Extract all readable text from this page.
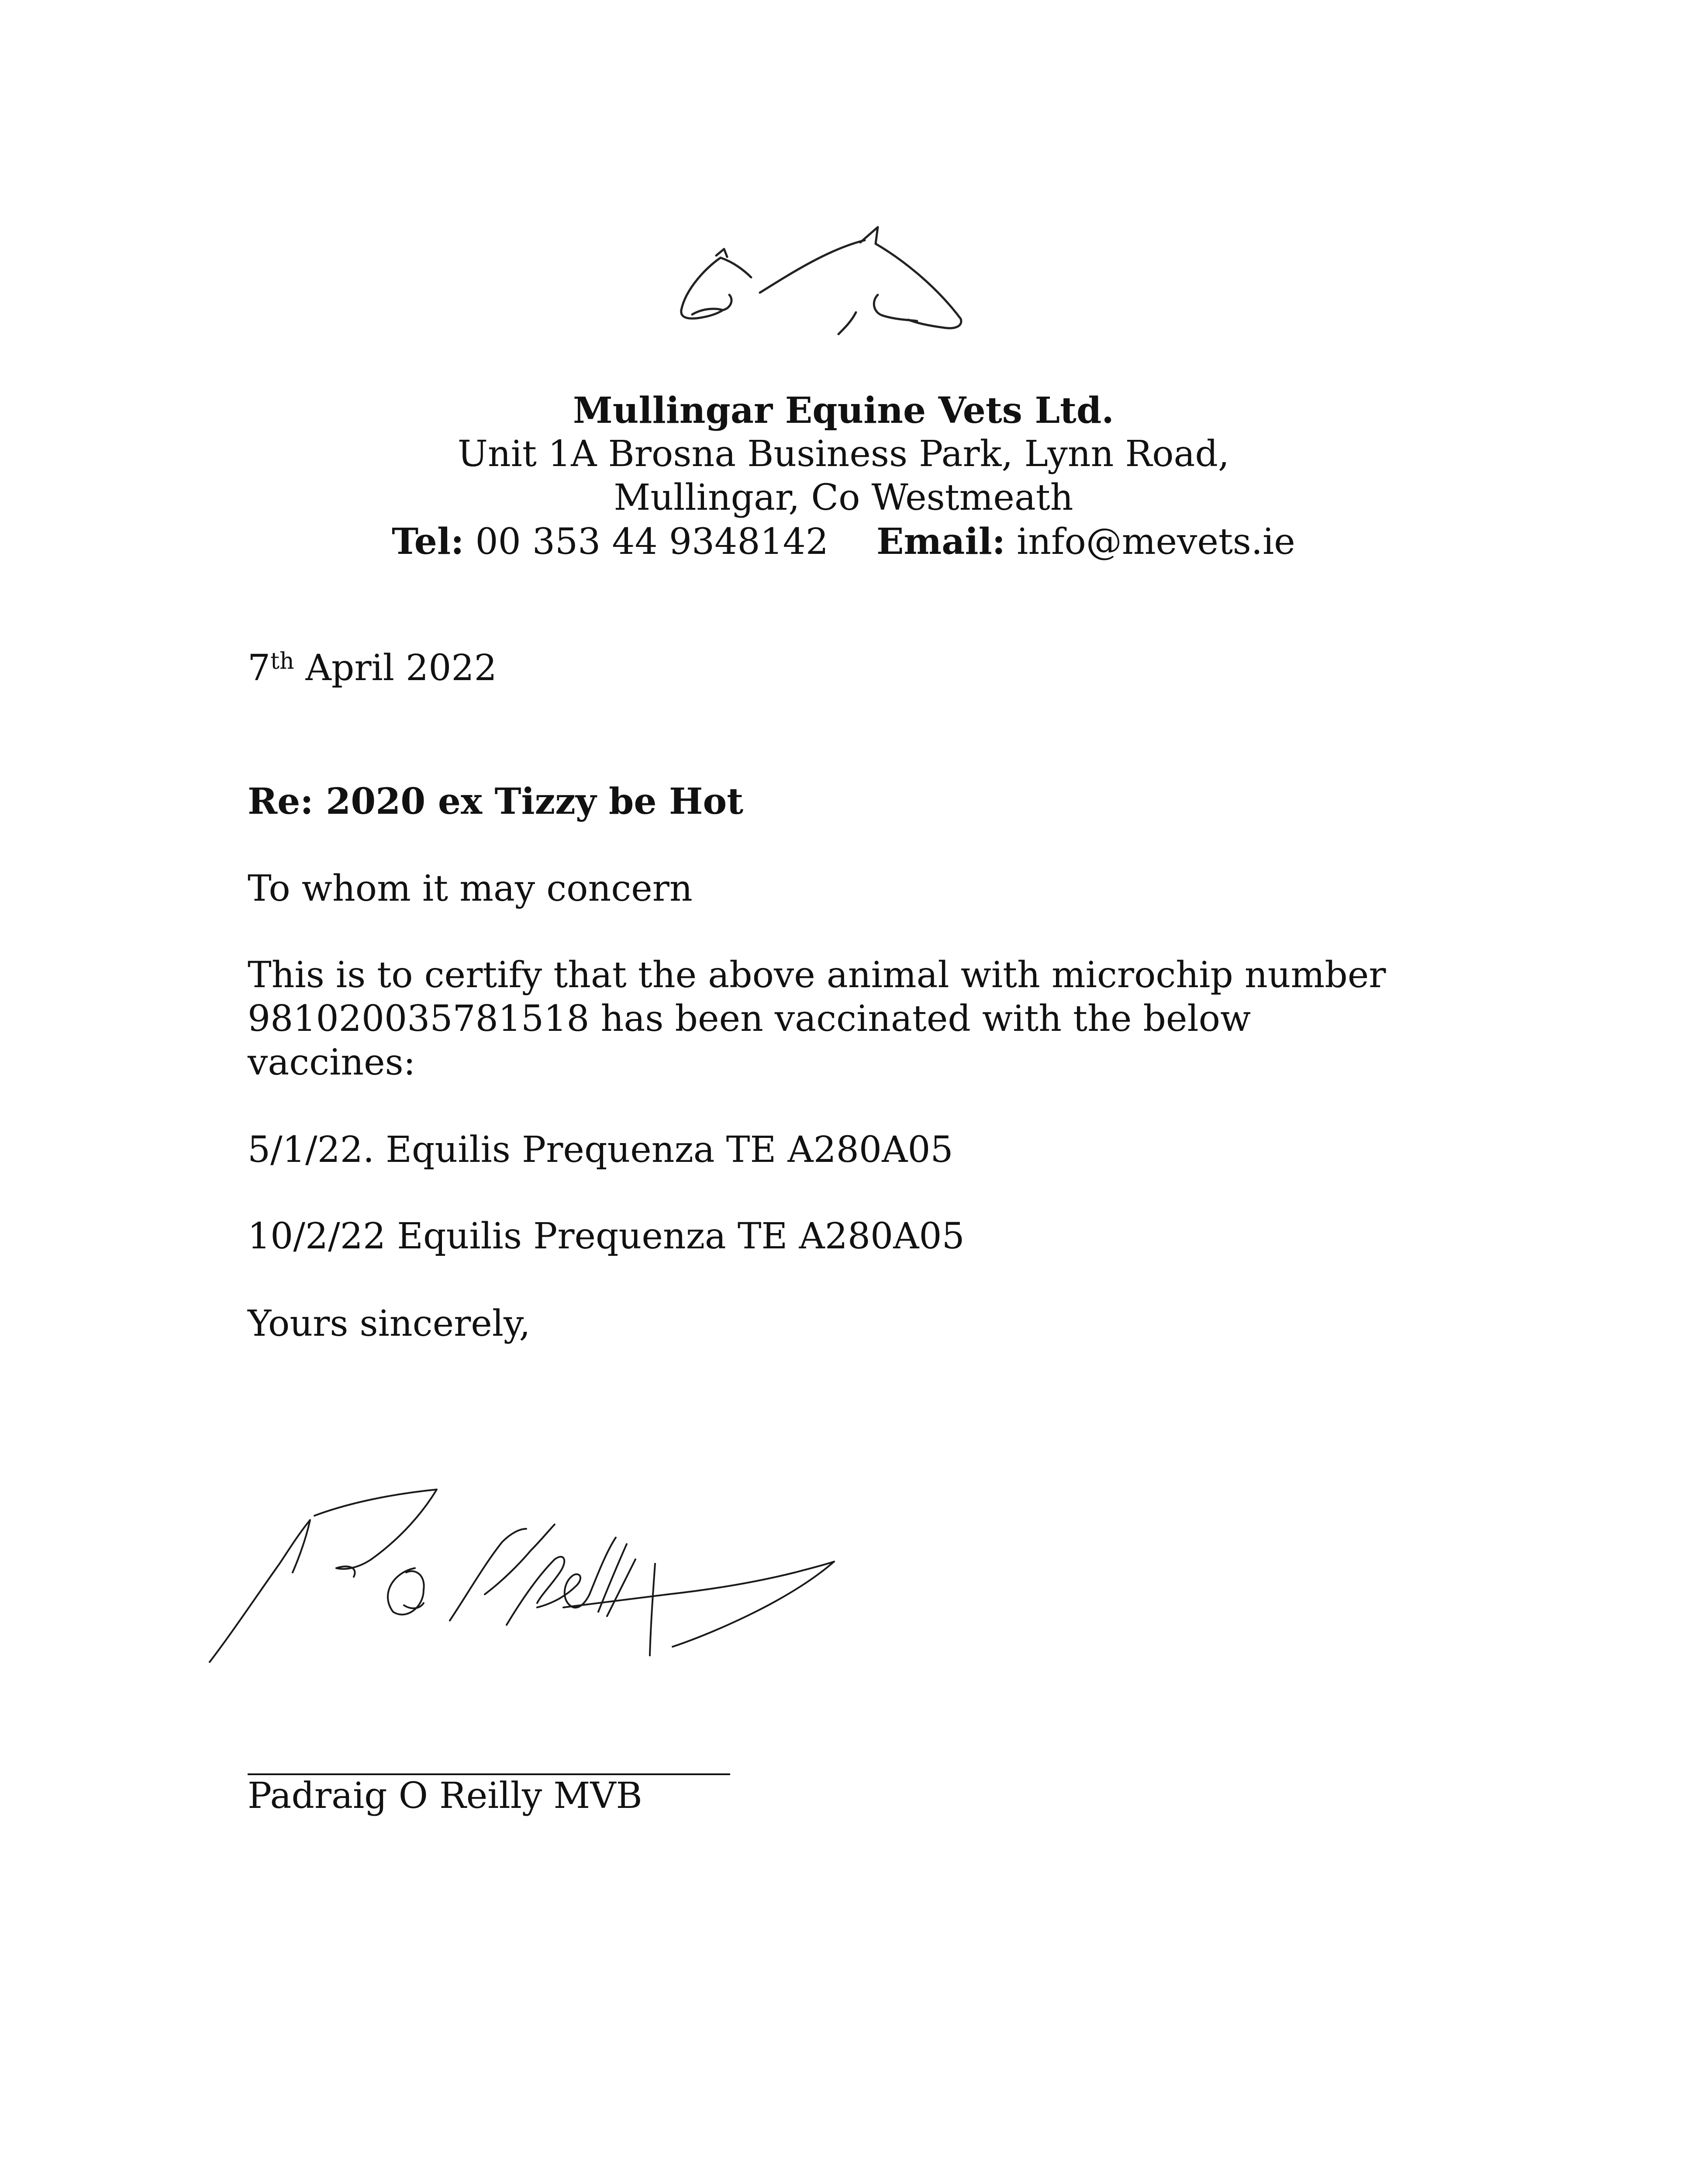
Mullingar Equine Vets Ltd.
Unit 1A Brosna Business Park, Lynn Road,
Mullingar, Co Westmeath
Tel: 00 353 44 9348142 Email: info@mevets.ie
7th April 2022
Re: 2020 ex Tizzy be Hot
To whom it may concern
This is to certify that the above animal with microchip number
981020035781518 has been vaccinated with the below
vaccines:
5/1/22. Equilis Prequenza TE A280A05
10/2/22 Equilis Prequenza TE A280A05
Yours sincerely,
Padraig O Reilly MVB
